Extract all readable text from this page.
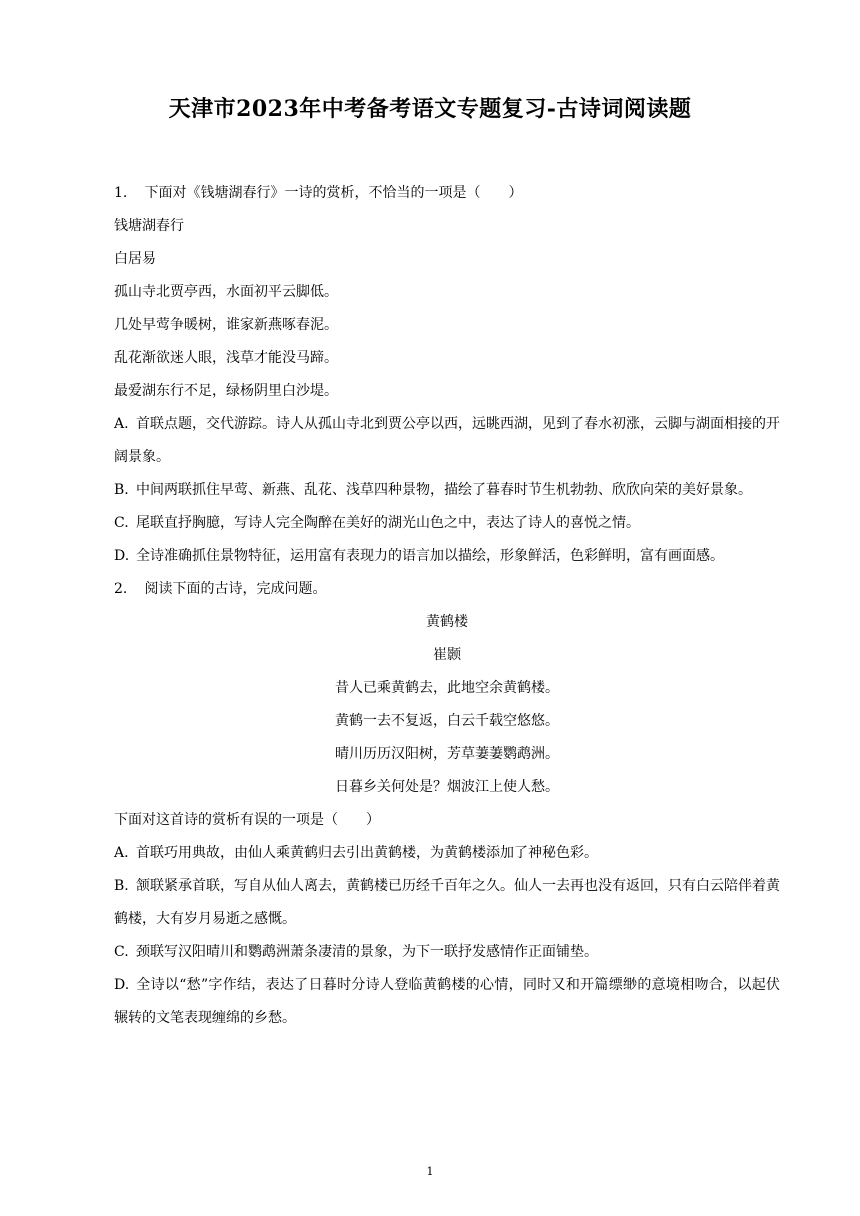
天津市2023年中考备考语文专题复习-古诗词阅读题

1. 下面对《钱塘湖春行》一诗的赏析，不恰当的一项是（　　）

钱塘湖春行

白居易

孤山寺北贾亭西，水面初平云脚低。

几处早莺争暖树，谁家新燕啄春泥。

乱花渐欲迷人眼，浅草才能没马蹄。

最爱湖东行不足，绿杨阴里白沙堤。

A. 首联点题，交代游踪。诗人从孤山寺北到贾公亭以西，远眺西湖，见到了春水初涨，云脚与湖面相接的开阔景象。

B. 中间两联抓住早莺、新燕、乱花、浅草四种景物，描绘了暮春时节生机勃勃、欣欣向荣的美好景象。

C. 尾联直抒胸臆，写诗人完全陶醉在美好的湖光山色之中，表达了诗人的喜悦之情。

D. 全诗准确抓住景物特征，运用富有表现力的语言加以描绘，形象鲜活，色彩鲜明，富有画面感。

2. 阅读下面的古诗，完成问题。

黄鹤楼

崔颢

昔人已乘黄鹤去，此地空余黄鹤楼。

黄鹤一去不复返，白云千载空悠悠。

晴川历历汉阳树，芳草萋萋鹦鹉洲。

日暮乡关何处是？烟波江上使人愁。

下面对这首诗的赏析有误的一项是（　　）

A. 首联巧用典故，由仙人乘黄鹤归去引出黄鹤楼，为黄鹤楼添加了神秘色彩。

B. 颔联紧承首联，写自从仙人离去，黄鹤楼已历经千百年之久。仙人一去再也没有返回，只有白云陪伴着黄鹤楼，大有岁月易逝之感慨。

C. 颈联写汉阳晴川和鹦鹉洲萧条凄清的景象，为下一联抒发感情作正面铺垫。

D. 全诗以“愁”字作结，表达了日暮时分诗人登临黄鹤楼的心情，同时又和开篇缥缈的意境相吻合，以起伏辗转的文笔表现缠绵的乡愁。

1
